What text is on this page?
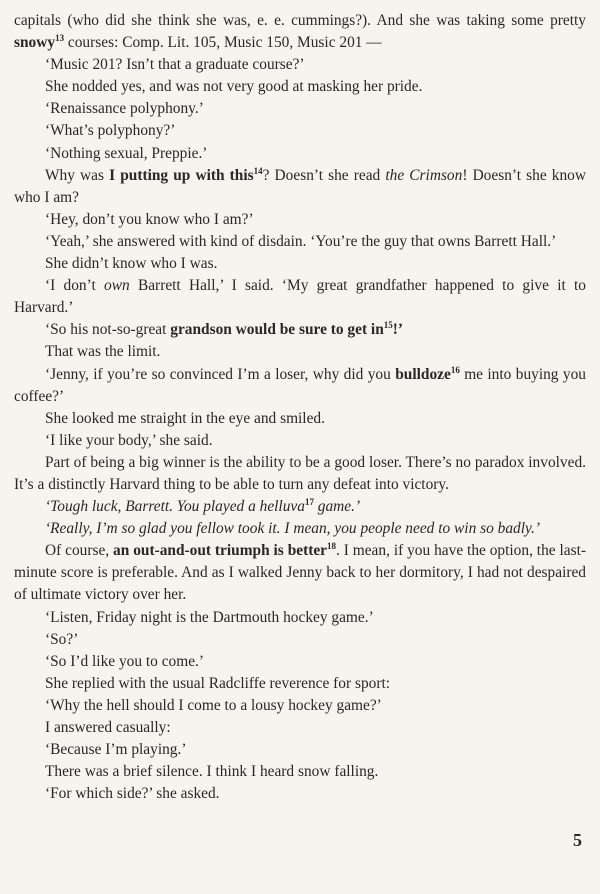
capitals (who did she think she was, e. e. cummings?). And she was taking some pretty snowy$^{13}$ courses: Comp. Lit. 105, Music 150, Music 201 —

‘Music 201? Isn’t that a graduate course?’

She nodded yes, and was not very good at masking her pride.

‘Renaissance polyphony.’

‘What’s polyphony?’

‘Nothing sexual, Preppie.’

Why was I putting up with this$^{14}$? Doesn’t she read the Crimson! Doesn’t she know who I am?

‘Hey, don’t you know who I am?’

‘Yeah,’ she answered with kind of disdain. ‘You’re the guy that owns Barrett Hall.’

She didn’t know who I was.

‘I don’t own Barrett Hall,’ I said. ‘My great grandfather happened to give it to Harvard.’

‘So his not-so-great grandson would be sure to get $in^{15}$!’

That was the limit.

‘Jenny, if you’re so convinced I’m a loser, why did you bulldoze$^{16}$ me into buying you coffee?’

She looked me straight in the eye and smiled.

‘I like your body,’ she said.

Part of being a big winner is the ability to be a good loser. There’s no paradox involved. It’s a distinctly Harvard thing to be able to turn any defeat into victory.

‘Tough luck, Barrett. You played a helluva$^{17}$ game.’

‘Really, I’m so glad you fellow took it. I mean, you people need to win so badly.’

Of course, an out-and-out triumph is better$^{18}$. I mean, if you have the option, the last-minute score is preferable. And as I walked Jenny back to her dormitory, I had not despaired of ultimate victory over her.

‘Listen, Friday night is the Dartmouth hockey game.’

‘So?’

‘So I’d like you to come.’

She replied with the usual Radcliffe reverence for sport:

‘Why the hell should I come to a lousy hockey game?’

I answered casually:

‘Because I’m playing.’

There was a brief silence. I think I heard snow falling.

‘For which side?’ she asked.

5
